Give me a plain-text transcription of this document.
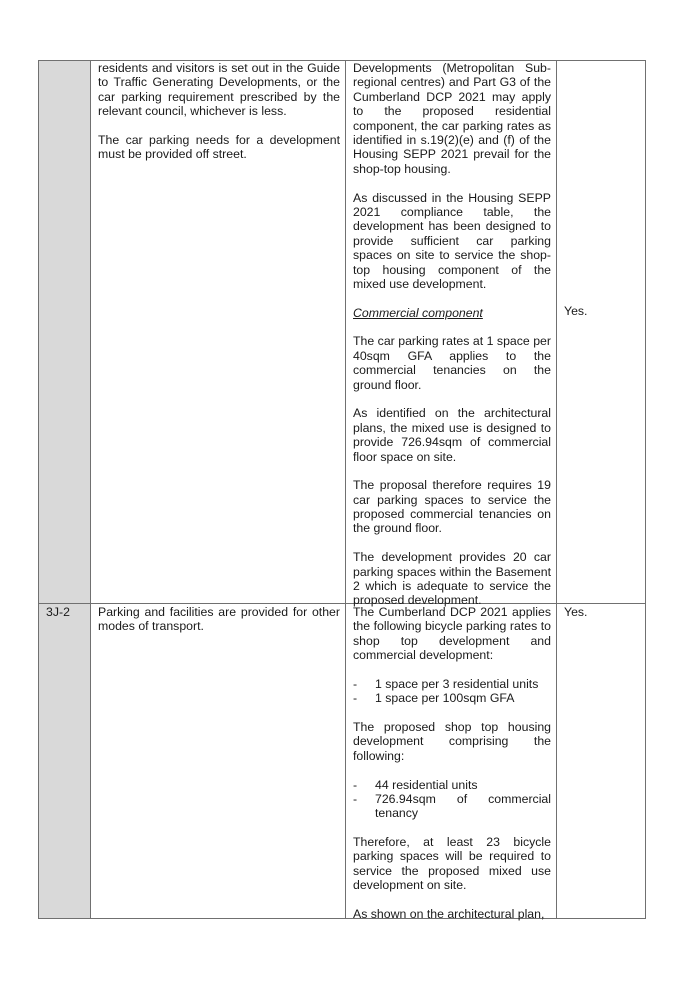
residents and visitors is set out in the Guide to Traffic Generating Developments, or the car parking requirement prescribed by the relevant council, whichever is less.

The car parking needs for a development must be provided off street.

Developments (Metropolitan Sub-regional centres) and Part G3 of the Cumberland DCP 2021 may apply to the proposed residential component, the car parking rates as identified in s.19(2)(e) and (f) of the Housing SEPP 2021 prevail for the shop-top housing.

As discussed in the Housing SEPP 2021 compliance table, the development has been designed to provide sufficient car parking spaces on site to service the shop-top housing component of the mixed use development.

Commercial component

The car parking rates at 1 space per 40sqm GFA applies to the commercial tenancies on the ground floor.

As identified on the architectural plans, the mixed use is designed to provide 726.94sqm of commercial floor space on site.

The proposal therefore requires 19 car parking spaces to service the proposed commercial tenancies on the ground floor.

The development provides 20 car parking spaces within the Basement 2 which is adequate to service the proposed development.

Yes.
3J-2	Parking and facilities are provided for other modes of transport.

The Cumberland DCP 2021 applies the following bicycle parking rates to shop top development and commercial development:

- 1 space per 3 residential units
- 1 space per 100sqm GFA

The proposed shop top housing development comprising the following:

- 44 residential units
- 726.94sqm of commercial tenancy

Therefore, at least 23 bicycle parking spaces will be required to service the proposed mixed use development on site.

As shown on the architectural plan,

Yes.
